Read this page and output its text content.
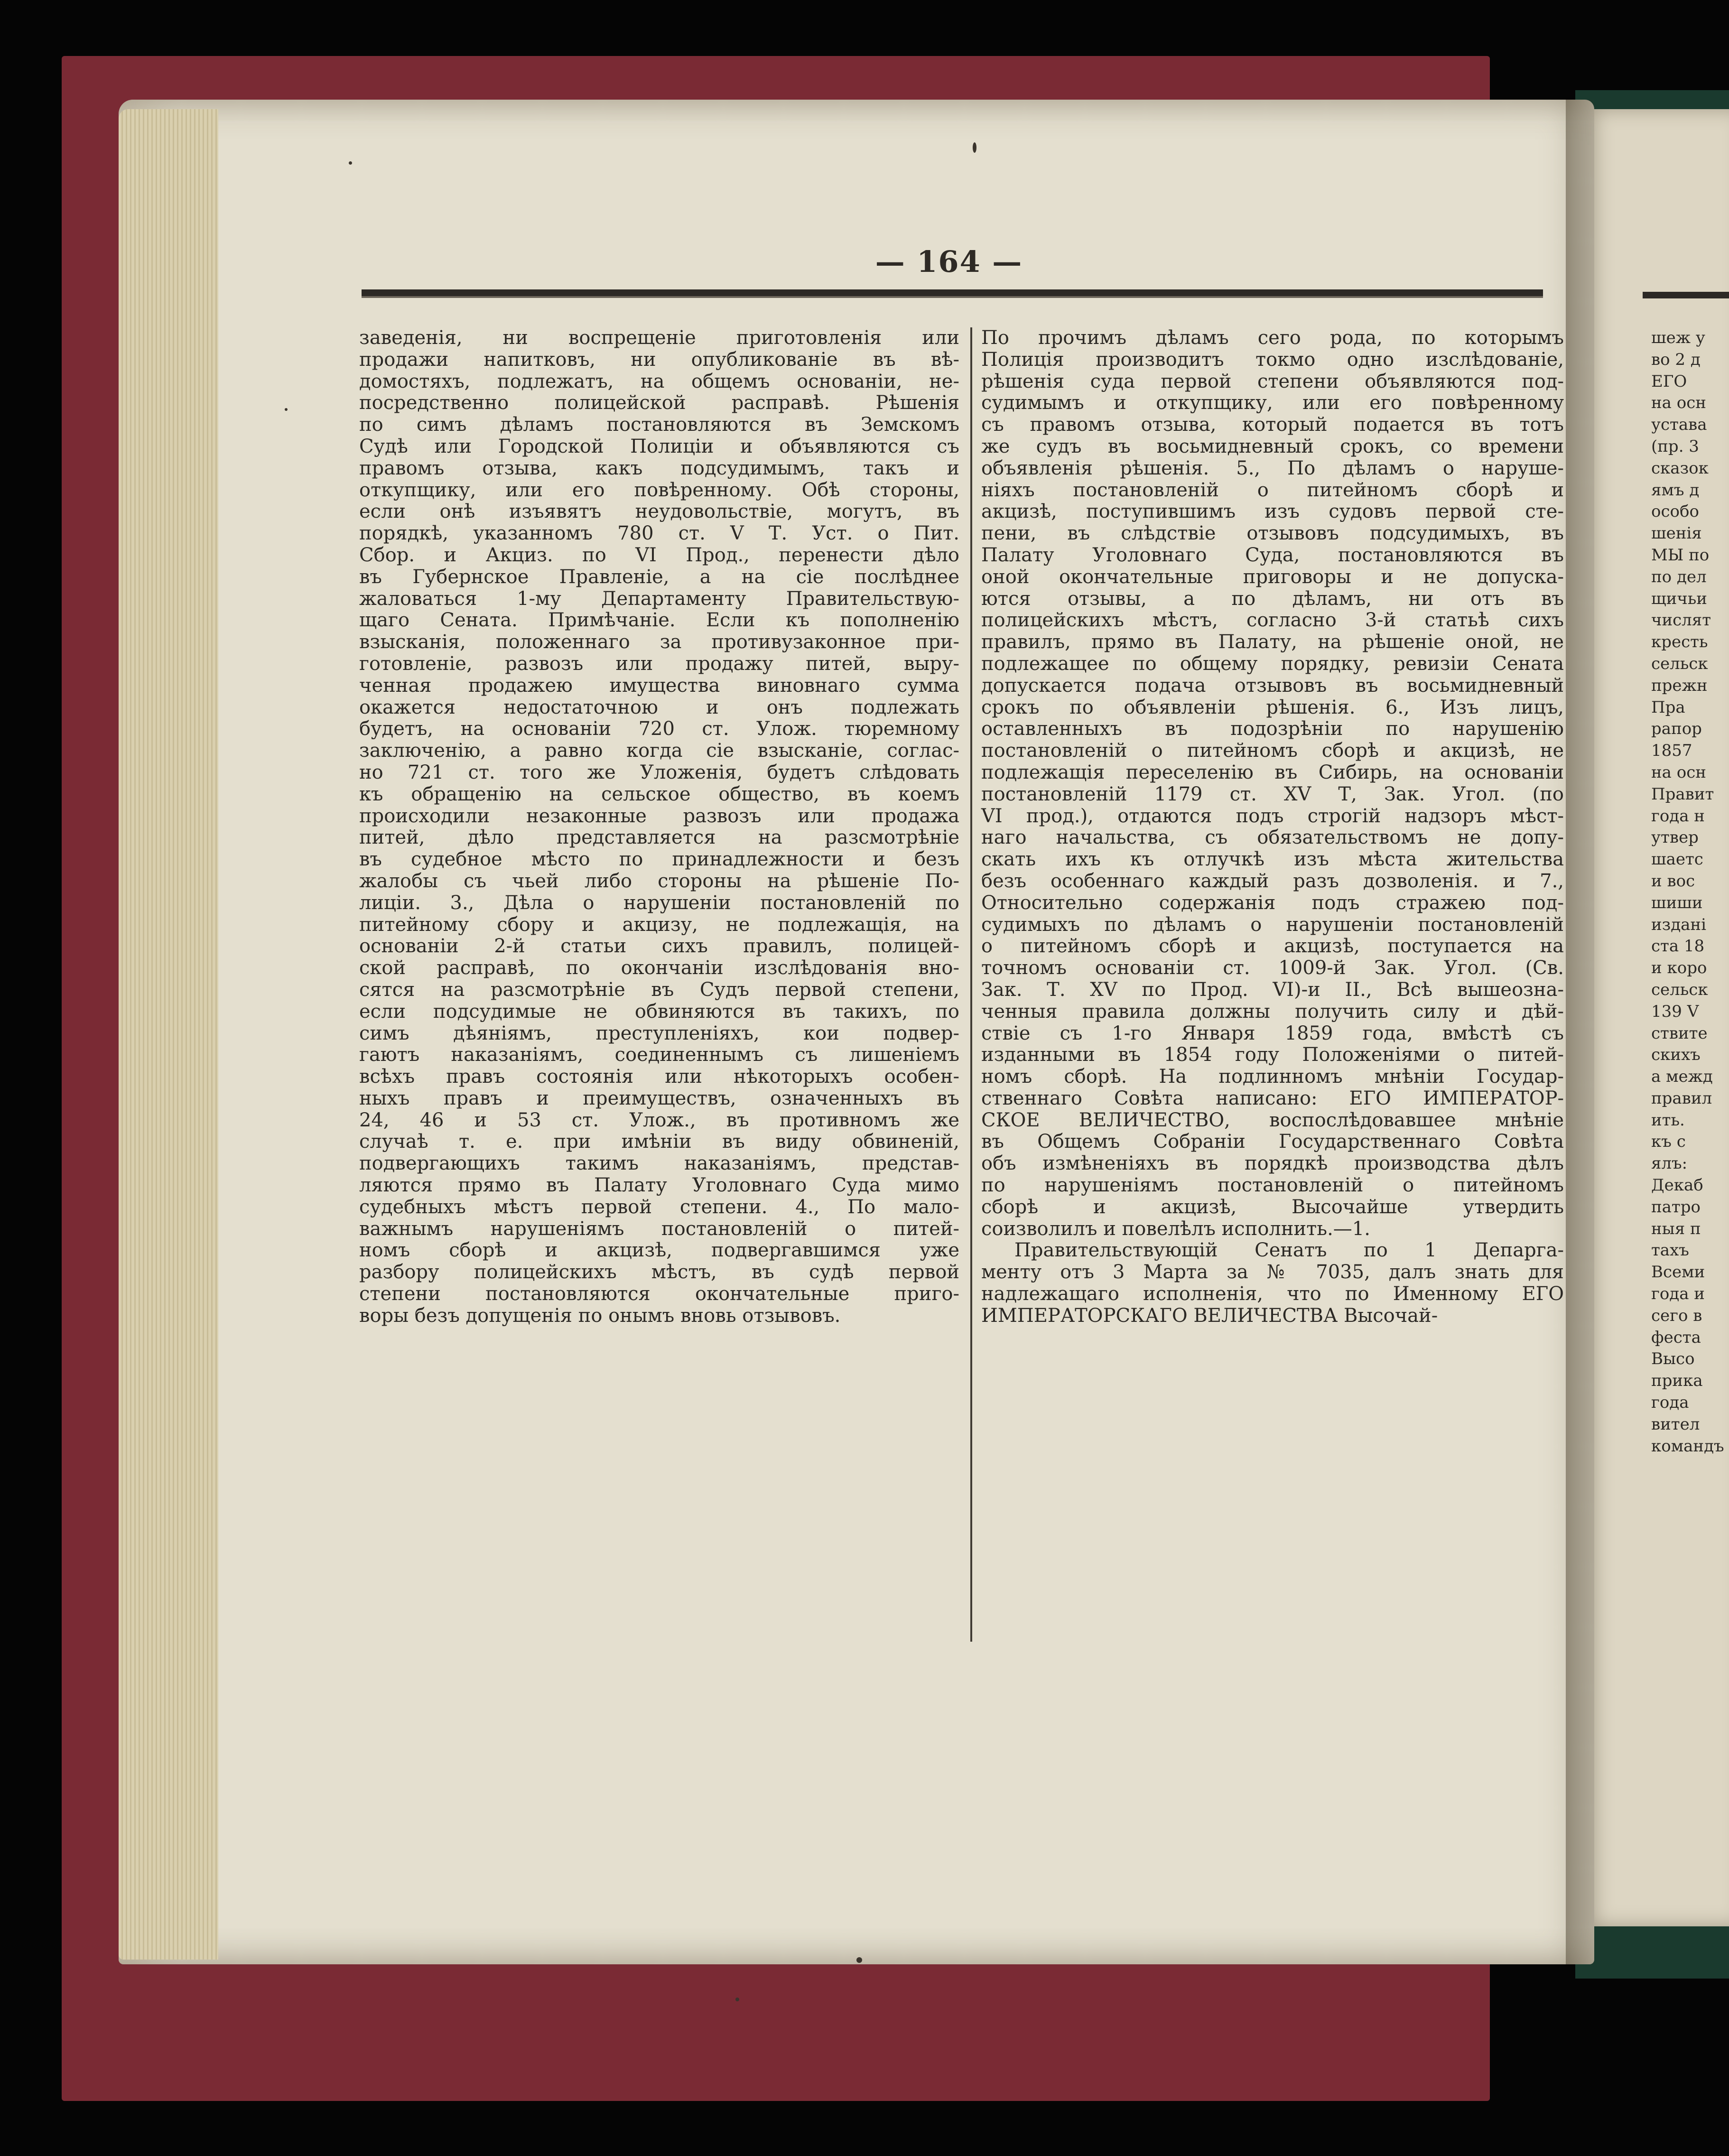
— 164 —
заведенія, ни воспрещеніе приготовленія или
продажи напитковъ, ни опубликованіе въ вѣ-
домостяхъ, подлежатъ, на общемъ основаніи, не-
посредственно полицейской расправѣ. Рѣшенія
по симъ дѣламъ постановляются въ Земскомъ
Судѣ или Городской Полиціи и объявляются съ
правомъ отзыва, какъ подсудимымъ, такъ и
откупщику, или его повѣренному. Обѣ стороны,
если онѣ изъявятъ неудовольствіе, могутъ, въ
порядкѣ, указанномъ 780 ст. V Т. Уст. о Пит.
Сбор. и Акциз. по VI Прод., перенести дѣло
въ Губернское Правленіе, а на сіе послѣднее
жаловаться 1-му Департаменту Правительствую-
щаго Сената. Примѣчаніе. Если къ пополненію
взысканія, положеннаго за противузаконное при-
готовленіе, развозъ или продажу питей, выру-
ченная продажею имущества виновнаго сумма
окажется недостаточною и онъ подлежать
будетъ, на основаніи 720 ст. Улож. тюремному
заключенію, а равно когда сіе взысканіе, соглас-
но 721 ст. того же Уложенія, будетъ слѣдовать
къ обращенію на сельское общество, въ коемъ
происходили незаконные развозъ или продажа
питей, дѣло представляется на разсмотрѣніе
въ судебное мѣсто по принадлежности и безъ
жалобы съ чьей либо стороны на рѣшеніе По-
лиціи. 3., Дѣла о нарушеніи постановленій по
питейному сбору и акцизу, не подлежащія, на
основаніи 2-й статьи сихъ правилъ, полицей-
ской расправѣ, по окончаніи изслѣдованія вно-
сятся на разсмотрѣніе въ Судъ первой степени,
если подсудимые не обвиняются въ такихъ, по
симъ дѣяніямъ, преступленіяхъ, кои подвер-
гаютъ наказаніямъ, соединеннымъ съ лишеніемъ
всѣхъ правъ состоянія или нѣкоторыхъ особен-
ныхъ правъ и преимуществъ, означенныхъ въ
24, 46 и 53 ст. Улож., въ противномъ же
случаѣ т. е. при имѣніи въ виду обвиненій,
подвергающихъ такимъ наказаніямъ, представ-
ляются прямо въ Палату Уголовнаго Суда мимо
судебныхъ мѣстъ первой степени. 4., По мало-
важнымъ нарушеніямъ постановленій о питей-
номъ сборѣ и акцизѣ, подвергавшимся уже
разбору полицейскихъ мѣстъ, въ судѣ первой
степени постановляются окончательные приго-
воры безъ допущенія по онымъ вновь отзывовъ.
По прочимъ дѣламъ сего рода, по которымъ
Полиція производитъ токмо одно изслѣдованіе,
рѣшенія суда первой степени объявляются под-
судимымъ и откупщику, или его повѣренному
съ правомъ отзыва, который подается въ тотъ
же судъ въ восьмидневный срокъ, со времени
объявленія рѣшенія. 5., По дѣламъ о наруше-
ніяхъ постановленій о питейномъ сборѣ и
акцизѣ, поступившимъ изъ судовъ первой сте-
пени, въ слѣдствіе отзывовъ подсудимыхъ, въ
Палату Уголовнаго Суда, постановляются въ
оной окончательные приговоры и не допуска-
ются отзывы, а по дѣламъ, ни отъ въ
полицейскихъ мѣстъ, согласно 3-й статьѣ сихъ
правилъ, прямо въ Палату, на рѣшеніе оной, не
подлежащее по общему порядку, ревизіи Сената
допускается подача отзывовъ въ восьмидневный
срокъ по объявленіи рѣшенія. 6., Изъ лицъ,
оставленныхъ въ подозрѣніи по нарушенію
постановленій о питейномъ сборѣ и акцизѣ, не
подлежащія переселенію въ Сибирь, на основаніи
постановленій 1179 ст. XV Т, Зак. Угол. (по
VI прод.), отдаются подъ строгій надзоръ мѣст-
наго начальства, съ обязательствомъ не допу-
скать ихъ къ отлучкѣ изъ мѣста жительства
безъ особеннаго каждый разъ дозволенія. и 7.,
Относительно содержанія подъ стражею под-
судимыхъ по дѣламъ о нарушеніи постановленій
о питейномъ сборѣ и акцизѣ, поступается на
точномъ основаніи ст. 1009-й Зак. Угол. (Св.
Зак. Т. XV по Прод. VI)-и II., Всѣ вышеозна-
ченныя правила должны получить силу и дѣй-
ствіе съ 1-го Января 1859 года, вмѣстѣ съ
изданными въ 1854 году Положеніями о питей-
номъ сборѣ. На подлинномъ мнѣніи Государ-
ственнаго Совѣта написано: ЕГО ИМПЕРАТОР-
СКОЕ ВЕЛИЧЕСТВО, воспослѣдовавшее мнѣніе
въ Общемъ Собраніи Государственнаго Совѣта
объ измѣненіяхъ въ порядкѣ производства дѣлъ
по нарушеніямъ постановленій о питейномъ
сборѣ и акцизѣ, Высочайше утвердить
соизволилъ и повелѣлъ исполнить.—1.
Правительствующій Сенатъ по 1 Депарга-
менту отъ 3 Марта за № 7035, далъ знать для
надлежащаго исполненія, что по Именному ЕГО
ИМПЕРАТОРСКАГО ВЕЛИЧЕСТВА Высочай-
шеж у
во 2 д
ЕГО
на осн
устава
(пр. 3
сказок
ямъ д
особо
шенія
МЫ по
по дел
щичьи
числят
кресть
сельск
прежн
Пра
рапор
1857
на осн
Правит
года н
утвер
шаетс
и вос
шиши
издані
ста 18
и коро
сельск
139 V
ствите
скихъ
а межд
правил
ить.
къ с
ялъ:
Декаб
патро
ныя п
тахъ
Всеми
года и
сего в
феста
Высо
прика
года
вител
командъ
